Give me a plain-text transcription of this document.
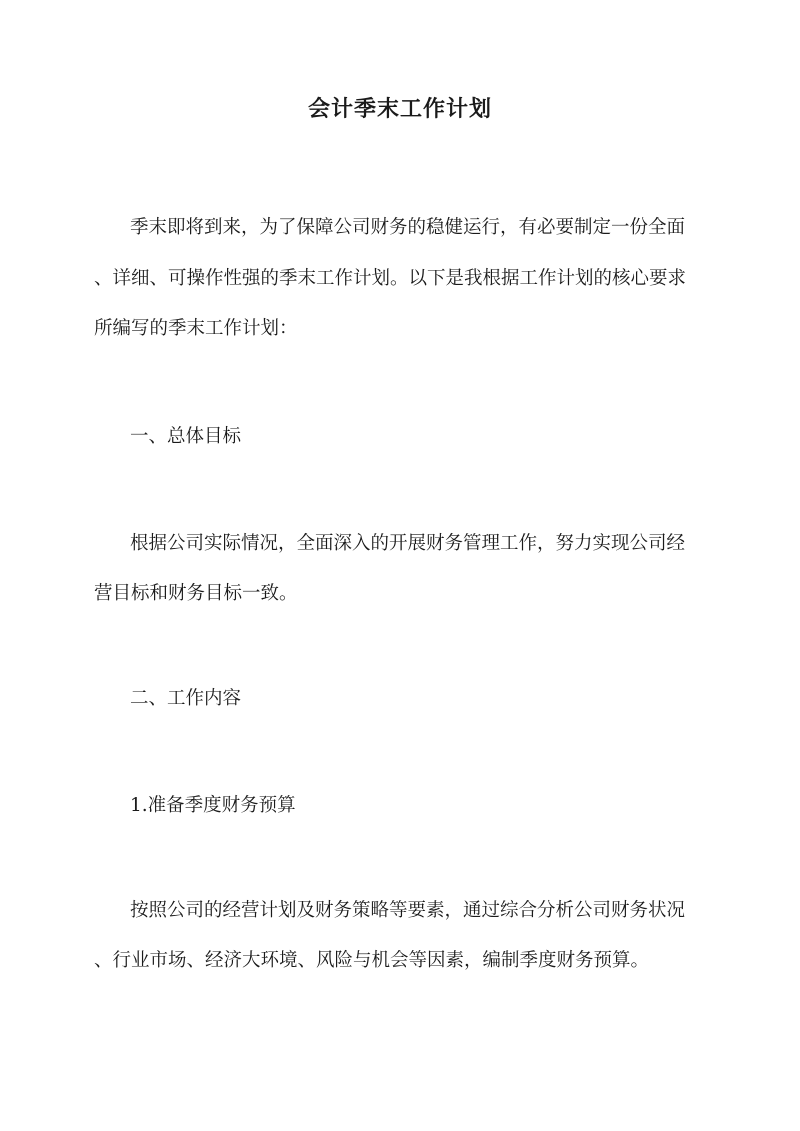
会计季末工作计划
季末即将到来，为了保障公司财务的稳健运行，有必要制定一份全面
、详细、可操作性强的季末工作计划。以下是我根据工作计划的核心要求
所编写的季末工作计划：
一、总体目标
根据公司实际情况，全面深入的开展财务管理工作，努力实现公司经
营目标和财务目标一致。
二、工作内容
1.准备季度财务预算
按照公司的经营计划及财务策略等要素，通过综合分析公司财务状况
、行业市场、经济大环境、风险与机会等因素，编制季度财务预算。
